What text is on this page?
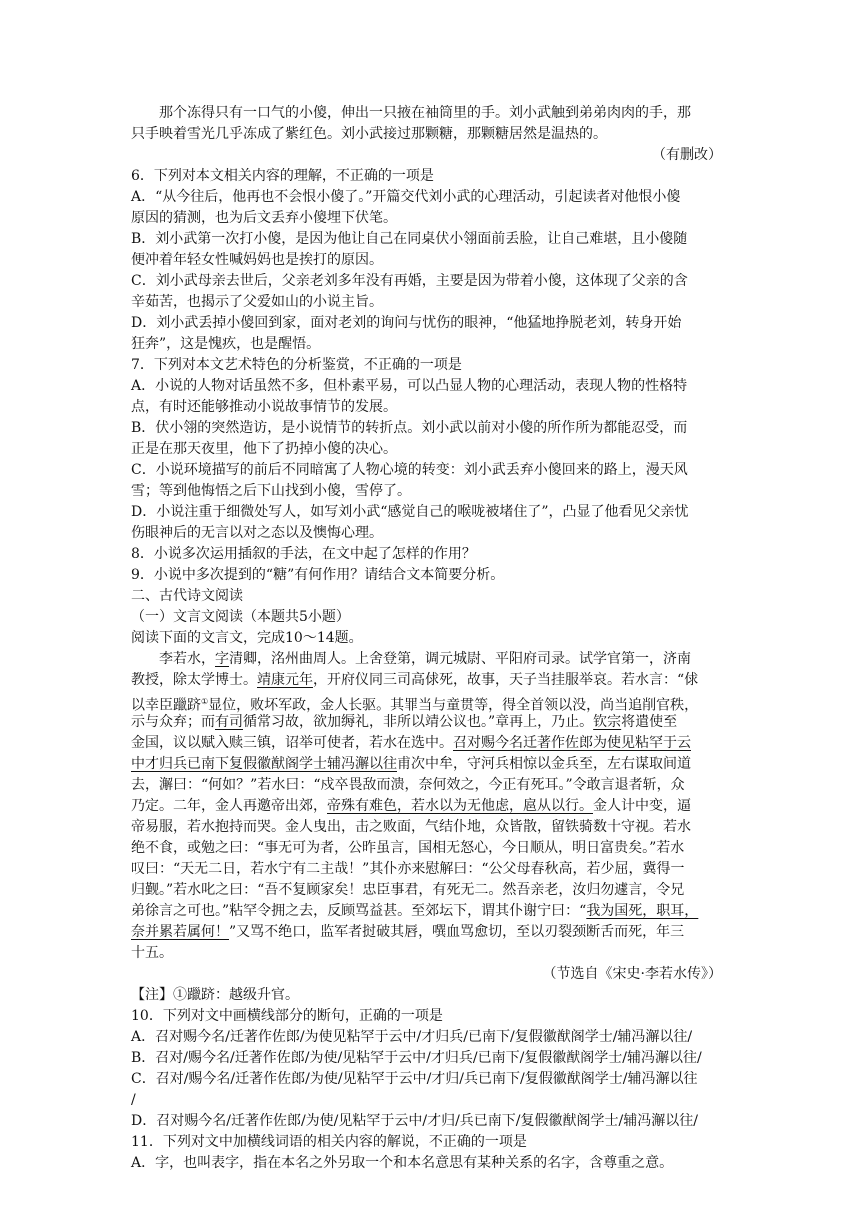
那个冻得只有一口气的小傻，伸出一只掖在袖筒里的手。刘小武触到弟弟肉肉的手，那
只手映着雪光几乎冻成了紫红色。刘小武接过那颗糖，那颗糖居然是温热的。
（有删改）
6．下列对本文相关内容的理解，不正确的一项是
A．“从今往后，他再也不会恨小傻了。”开篇交代刘小武的心理活动，引起读者对他恨小傻
原因的猜测，也为后文丢弃小傻埋下伏笔。
B．刘小武第一次打小傻，是因为他让自己在同桌伏小翎面前丢脸，让自己难堪，且小傻随
便冲着年轻女性喊妈妈也是挨打的原因。
C．刘小武母亲去世后，父亲老刘多年没有再婚，主要是因为带着小傻，这体现了父亲的含
辛茹苦，也揭示了父爱如山的小说主旨。
D．刘小武丢掉小傻回到家，面对老刘的询问与忧伤的眼神，“他猛地挣脱老刘，转身开始
狂奔”，这是愧疚，也是醒悟。
7．下列对本文艺术特色的分析鉴赏，不正确的一项是
A．小说的人物对话虽然不多，但朴素平易，可以凸显人物的心理活动，表现人物的性格特
点，有时还能够推动小说故事情节的发展。
B．伏小翎的突然造访，是小说情节的转折点。刘小武以前对小傻的所作所为都能忍受，而
正是在那天夜里，他下了扔掉小傻的决心。
C．小说环境描写的前后不同暗寓了人物心境的转变：刘小武丢弃小傻回来的路上，漫天风
雪；等到他悔悟之后下山找到小傻，雪停了。
D．小说注重于细微处写人，如写刘小武“感觉自己的喉咙被堵住了”，凸显了他看见父亲忧
伤眼神后的无言以对之态以及懊悔心理。
8．小说多次运用插叙的手法，在文中起了怎样的作用？
9．小说中多次提到的“糖”有何作用？请结合文本简要分析。
二、古代诗文阅读
（一）文言文阅读（本题共5小题）
阅读下面的文言文，完成10～14题。
李若水，字清卿，洺州曲周人。上舍登第，调元城尉、平阳府司录。试学官第一，济南
教授，除太学博士。靖康元年，开府仪同三司高俅死，故事，天子当挂服举哀。若水言：“俅
以幸臣躐跻①显位，败坏军政，金人长驱。其罪当与童贯等，得全首领以没，尚当追削官秩，
示与众弃；而有司循常习故，欲加缛礼，非所以靖公议也。”章再上，乃止。钦宗将遣使至
金国，议以赋入赎三镇，诏举可使者，若水在选中。召对赐今名迁著作佐郎为使见粘罕于云
中才归兵已南下复假徽猷阁学士辅冯澥以往甫次中牟，守河兵相惊以金兵至，左右谋取间道
去，澥曰：“何如？”若水曰：“戍卒畏敌而溃，奈何效之，今正有死耳。”令敢言退者斩，众
乃定。二年，金人再邀帝出郊，帝殊有难色，若水以为无他虑，扈从以行。金人计中变，逼
帝易服，若水抱持而哭。金人曳出，击之败面，气结仆地，众皆散，留铁骑数十守视。若水
绝不食，或勉之曰：“事无可为者，公昨虽言，国相无怒心，今日顺从，明日富贵矣。”若水
叹曰：“天无二日，若水宁有二主哉！”其仆亦来慰解曰：“公父母春秋高，若少屈，冀得一
归觐。”若水叱之曰：“吾不复顾家矣！忠臣事君，有死无二。然吾亲老，汝归勿遽言，令兄
弟徐言之可也。”粘罕令拥之去，反顾骂益甚。至郊坛下，谓其仆谢宁曰：“我为国死，职耳，
奈并累若属何！”又骂不绝口，监军者挝破其唇，噀血骂愈切，至以刃裂颈断舌而死，年三
十五。
（节选自《宋史·李若水传》）
【注】①躐跻：越级升官。
10．下列对文中画横线部分的断句，正确的一项是
A．召对赐今名/迁著作佐郎/为使见粘罕于云中/才归兵/已南下/复假徽猷阁学士/辅冯澥以往/
B．召对/赐今名/迁著作佐郎/为使/见粘罕于云中/才归兵/已南下/复假徽猷阁学士/辅冯澥以往/
C．召对/赐今名/迁著作佐郎/为使/见粘罕于云中/才归/兵已南下/复假徽猷阁学士/辅冯澥以往
/
D．召对赐今名/迁著作佐郎/为使/见粘罕于云中/才归/兵已南下/复假徽猷阁学士/辅冯澥以往/
11．下列对文中加横线词语的相关内容的解说，不正确的一项是
A．字，也叫表字，指在本名之外另取一个和本名意思有某种关系的名字，含尊重之意。
